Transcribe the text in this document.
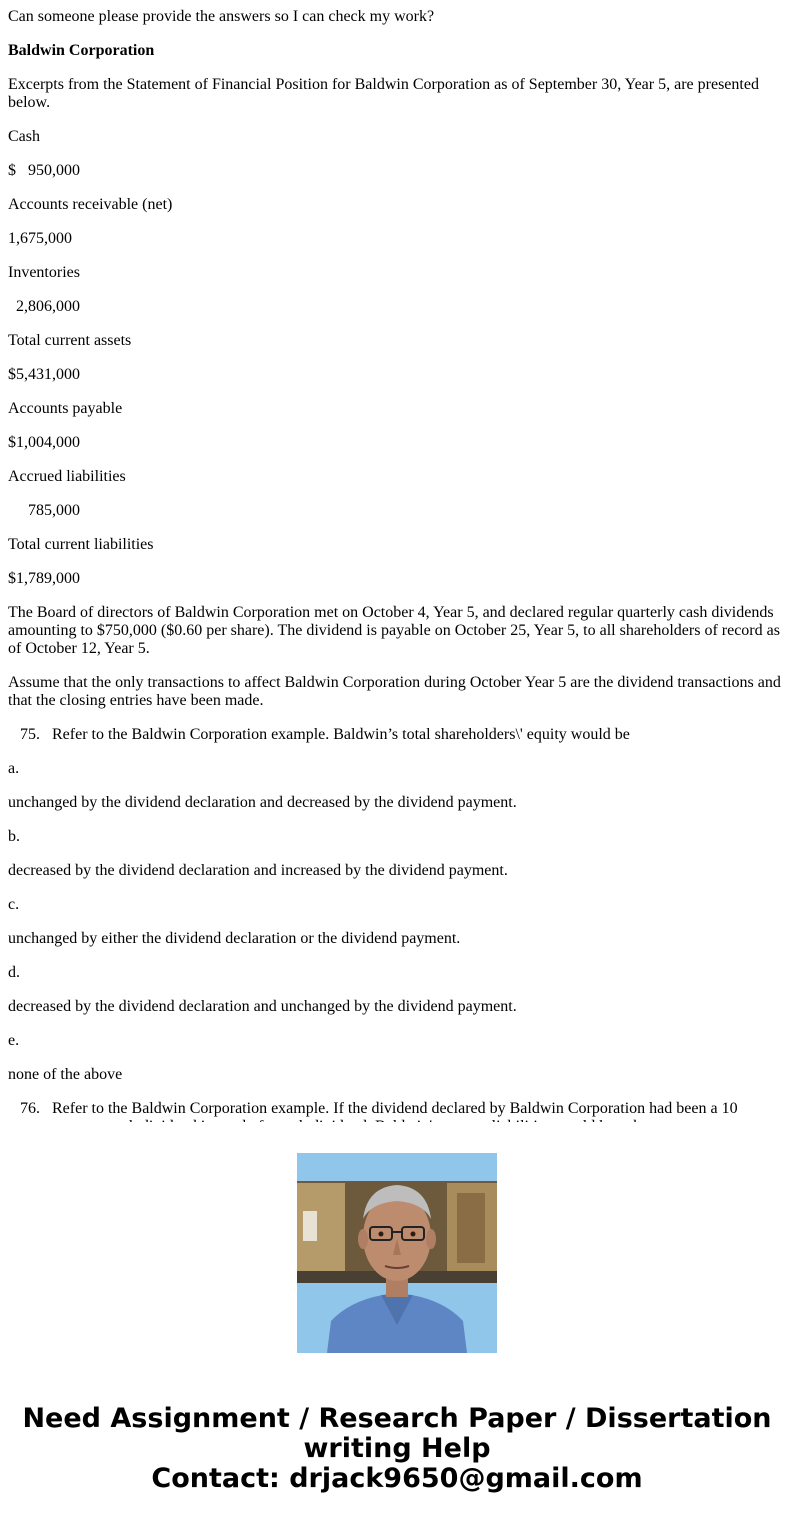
Can someone please provide the answers so I can check my work?

Baldwin Corporation

Excerpts from the Statement of Financial Position for Baldwin Corporation as of September 30, Year 5, are presented below.

Cash

$   950,000

Accounts receivable (net)

1,675,000

Inventories

2,806,000

Total current assets

$5,431,000

Accounts payable

$1,004,000

Accrued liabilities

785,000

Total current liabilities

$1,789,000

The Board of directors of Baldwin Corporation met on October 4, Year 5, and declared regular quarterly cash dividends amounting to $750,000 ($0.60 per share). The dividend is payable on October 25, Year 5, to all shareholders of record as of October 12, Year 5.

Assume that the only transactions to affect Baldwin Corporation during October Year 5 are the dividend transactions and that the closing entries have been made.

75. Refer to the Baldwin Corporation example. Baldwin’s total shareholders\' equity would be

a.

unchanged by the dividend declaration and decreased by the dividend payment.

b.

decreased by the dividend declaration and increased by the dividend payment.

c.

unchanged by either the dividend declaration or the dividend payment.

d.

decreased by the dividend declaration and unchanged by the dividend payment.

e.

none of the above

76. Refer to the Baldwin Corporation example. If the dividend declared by Baldwin Corporation had been a 10
Need Assignment / Research Paper / Dissertation
writing Help
Contact: drjack9650@gmail.com
